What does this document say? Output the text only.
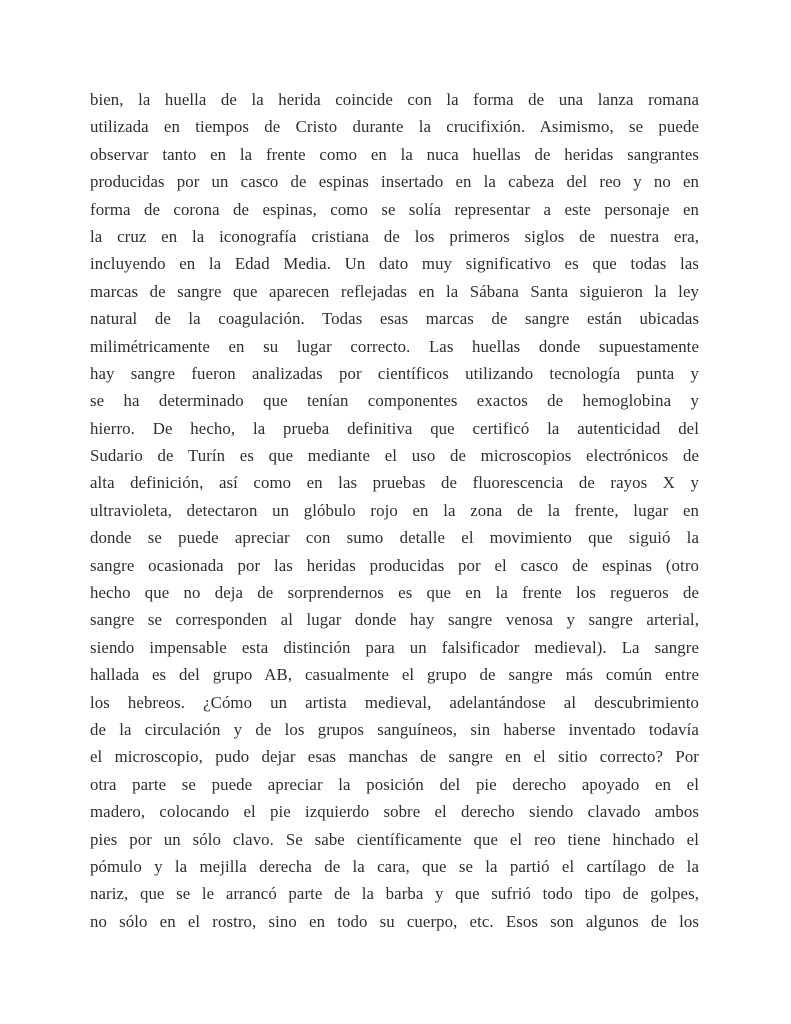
bien, la huella de la herida coincide con la forma de una lanza romana
utilizada en tiempos de Cristo durante la crucifixión. Asimismo, se puede
observar tanto en la frente como en la nuca huellas de heridas sangrantes
producidas por un casco de espinas insertado en la cabeza del reo y no en
forma de corona de espinas, como se solía representar a este personaje en
la cruz en la iconografía cristiana de los primeros siglos de nuestra era,
incluyendo en la Edad Media. Un dato muy significativo es que todas las
marcas de sangre que aparecen reflejadas en la Sábana Santa siguieron la ley
natural de la coagulación. Todas esas marcas de sangre están ubicadas
milimétricamente en su lugar correcto. Las huellas donde supuestamente
hay sangre fueron analizadas por científicos utilizando tecnología punta y
se ha determinado que tenían componentes exactos de hemoglobina y
hierro. De hecho, la prueba definitiva que certificó la autenticidad del
Sudario de Turín es que mediante el uso de microscopios electrónicos de
alta definición, así como en las pruebas de fluorescencia de rayos X y
ultravioleta, detectaron un glóbulo rojo en la zona de la frente, lugar en
donde se puede apreciar con sumo detalle el movimiento que siguió la
sangre ocasionada por las heridas producidas por el casco de espinas (otro
hecho que no deja de sorprendernos es que en la frente los regueros de
sangre se corresponden al lugar donde hay sangre venosa y sangre arterial,
siendo impensable esta distinción para un falsificador medieval). La sangre
hallada es del grupo AB, casualmente el grupo de sangre más común entre
los hebreos. ¿Cómo un artista medieval, adelantándose al descubrimiento
de la circulación y de los grupos sanguíneos, sin haberse inventado todavía
el microscopio, pudo dejar esas manchas de sangre en el sitio correcto? Por
otra parte se puede apreciar la posición del pie derecho apoyado en el
madero, colocando el pie izquierdo sobre el derecho siendo clavado ambos
pies por un sólo clavo. Se sabe científicamente que el reo tiene hinchado el
pómulo y la mejilla derecha de la cara, que se la partió el cartílago de la
nariz, que se le arrancó parte de la barba y que sufrió todo tipo de golpes,
no sólo en el rostro, sino en todo su cuerpo, etc. Esos son algunos de los
